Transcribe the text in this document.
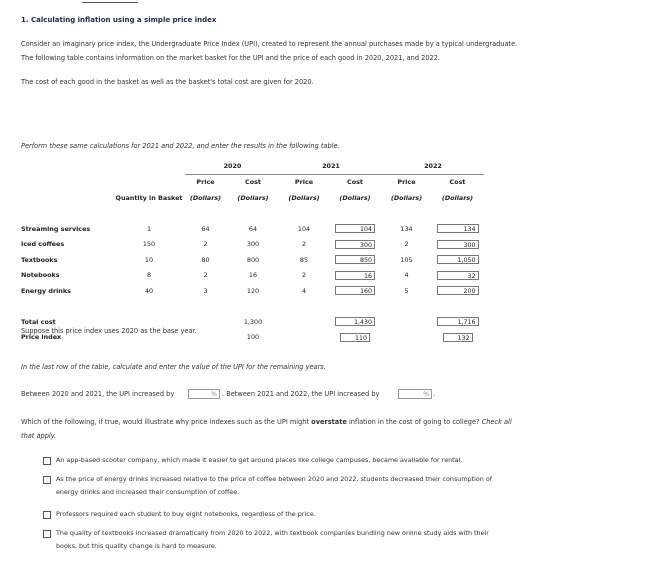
1. Calculating inflation using a simple price index
Consider an imaginary price index, the Undergraduate Price Index (UPI), created to represent the annual purchases made by a typical undergraduate.
The following table contains information on the market basket for the UPI and the price of each good in 2020, 2021, and 2022.
The cost of each good in the basket as well as the basket's total cost are given for 2020.
Perform these same calculations for 2021 and 2022, and enter the results in the following table.
		2020		2021		2022	
		Price	Cost	Price	Cost	Price	Cost
	Quantity in Basket	(Dollars)	(Dollars)	(Dollars)	(Dollars)	(Dollars)	(Dollars)

Streaming services	1	64	64	104	104	134	134
Iced coffees	150	2	300	2	300	2	300
Textbooks	10	80	800	85	850	105	1,050
Notebooks	8	2	16	2	16	4	32
Energy drinks	40	3	120	4	160	5	200

Total cost			1,300		1,430		1,716
Price index			100		110		132
Suppose this price index uses 2020 as the base year.
In the last row of the table, calculate and enter the value of the UPI for the remaining years.
Between 2020 and 2021, the UPI increased by	% . Between 2021 and 2022, the UPI increased by	% .
Which of the following, if true, would illustrate why price indexes such as the UPI might overstate inflation in the cost of going to college? Check all
that apply.
An app-based scooter company, which made it easier to get around places like college campuses, became available for rental.
As the price of energy drinks increased relative to the price of coffee between 2020 and 2022, students decreased their consumption of
energy drinks and increased their consumption of coffee.
Professors required each student to buy eight notebooks, regardless of the price.
The quality of textbooks increased dramatically from 2020 to 2022, with textbook companies bundling new online study aids with their
books, but this quality change is hard to measure.
